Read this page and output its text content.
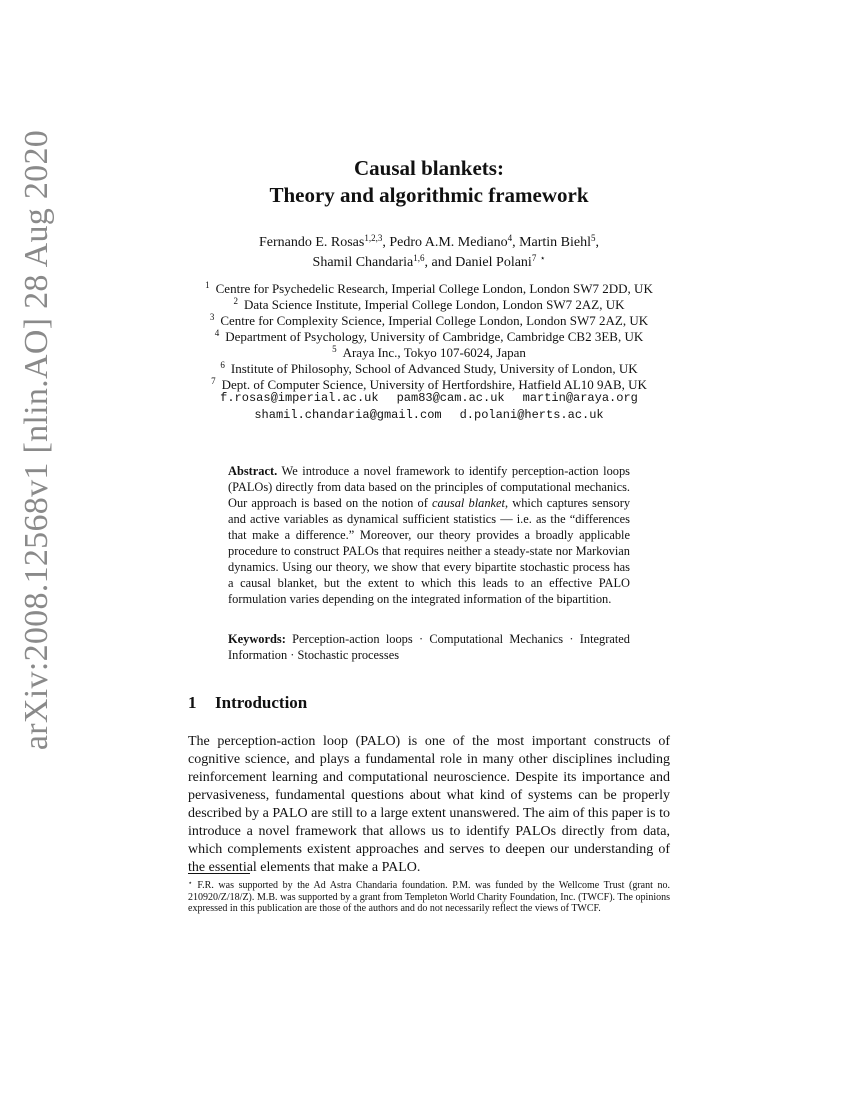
arXiv:2008.12568v1 [nlin.AO] 28 Aug 2020	Causal blankets:
Theory and algorithmic framework
Fernando E. Rosas$^{1,2,3}$, Pedro A.M. Mediano$^4$, Martin Biehl$^5$,
Shamil Chandaria$^{1,6}$, and Daniel Polani$^7$ ⋆
$^1$ Centre for Psychedelic Research, Imperial College London, London SW7 2DD, UK
$^2$ Data Science Institute, Imperial College London, London SW7 2AZ, UK
$^3$ Centre for Complexity Science, Imperial College London, London SW7 2AZ, UK
$^4$ Department of Psychology, University of Cambridge, Cambridge CB2 3EB, UK
$^5$ Araya Inc., Tokyo 107-6024, Japan
$^6$ Institute of Philosophy, School of Advanced Study, University of London, UK
$^7$ Dept. of Computer Science, University of Hertfordshire, Hatfield AL10 9AB, UK
f.rosas@imperial.ac.uk pam83@cam.ac.uk martin@araya.org
shamil.chandaria@gmail.com d.polani@herts.ac.uk
Abstract. We introduce a novel framework to identify perception-action loops (PALOs) directly from data based on the principles of computational mechanics. Our approach is based on the notion of causal blanket, which captures sensory and active variables as dynamical sufficient statistics — i.e. as the “differences that make a difference.” Moreover, our theory provides a broadly applicable procedure to construct PALOs that requires neither a steady-state nor Markovian dynamics. Using our theory, we show that every bipartite stochastic process has a causal blanket, but the extent to which this leads to an effective PALO formulation varies depending on the integrated information of the bipartition.
Keywords: Perception-action loops · Computational Mechanics · Integrated Information · Stochastic processes
1 Introduction
The perception-action loop (PALO) is one of the most important constructs of cognitive science, and plays a fundamental role in many other disciplines including reinforcement learning and computational neuroscience. Despite its importance and pervasiveness, fundamental questions about what kind of systems can be properly described by a PALO are still to a large extent unanswered. The aim of this paper is to introduce a novel framework that allows us to identify PALOs directly from data, which complements existent approaches and serves to deepen our understanding of the essential elements that make a PALO.
⋆ F.R. was supported by the Ad Astra Chandaria foundation. P.M. was funded by the Wellcome Trust (grant no. 210920/Z/18/Z). M.B. was supported by a grant from Templeton World Charity Foundation, Inc. (TWCF). The opinions expressed in this publication are those of the authors and do not necessarily reflect the views of TWCF.
